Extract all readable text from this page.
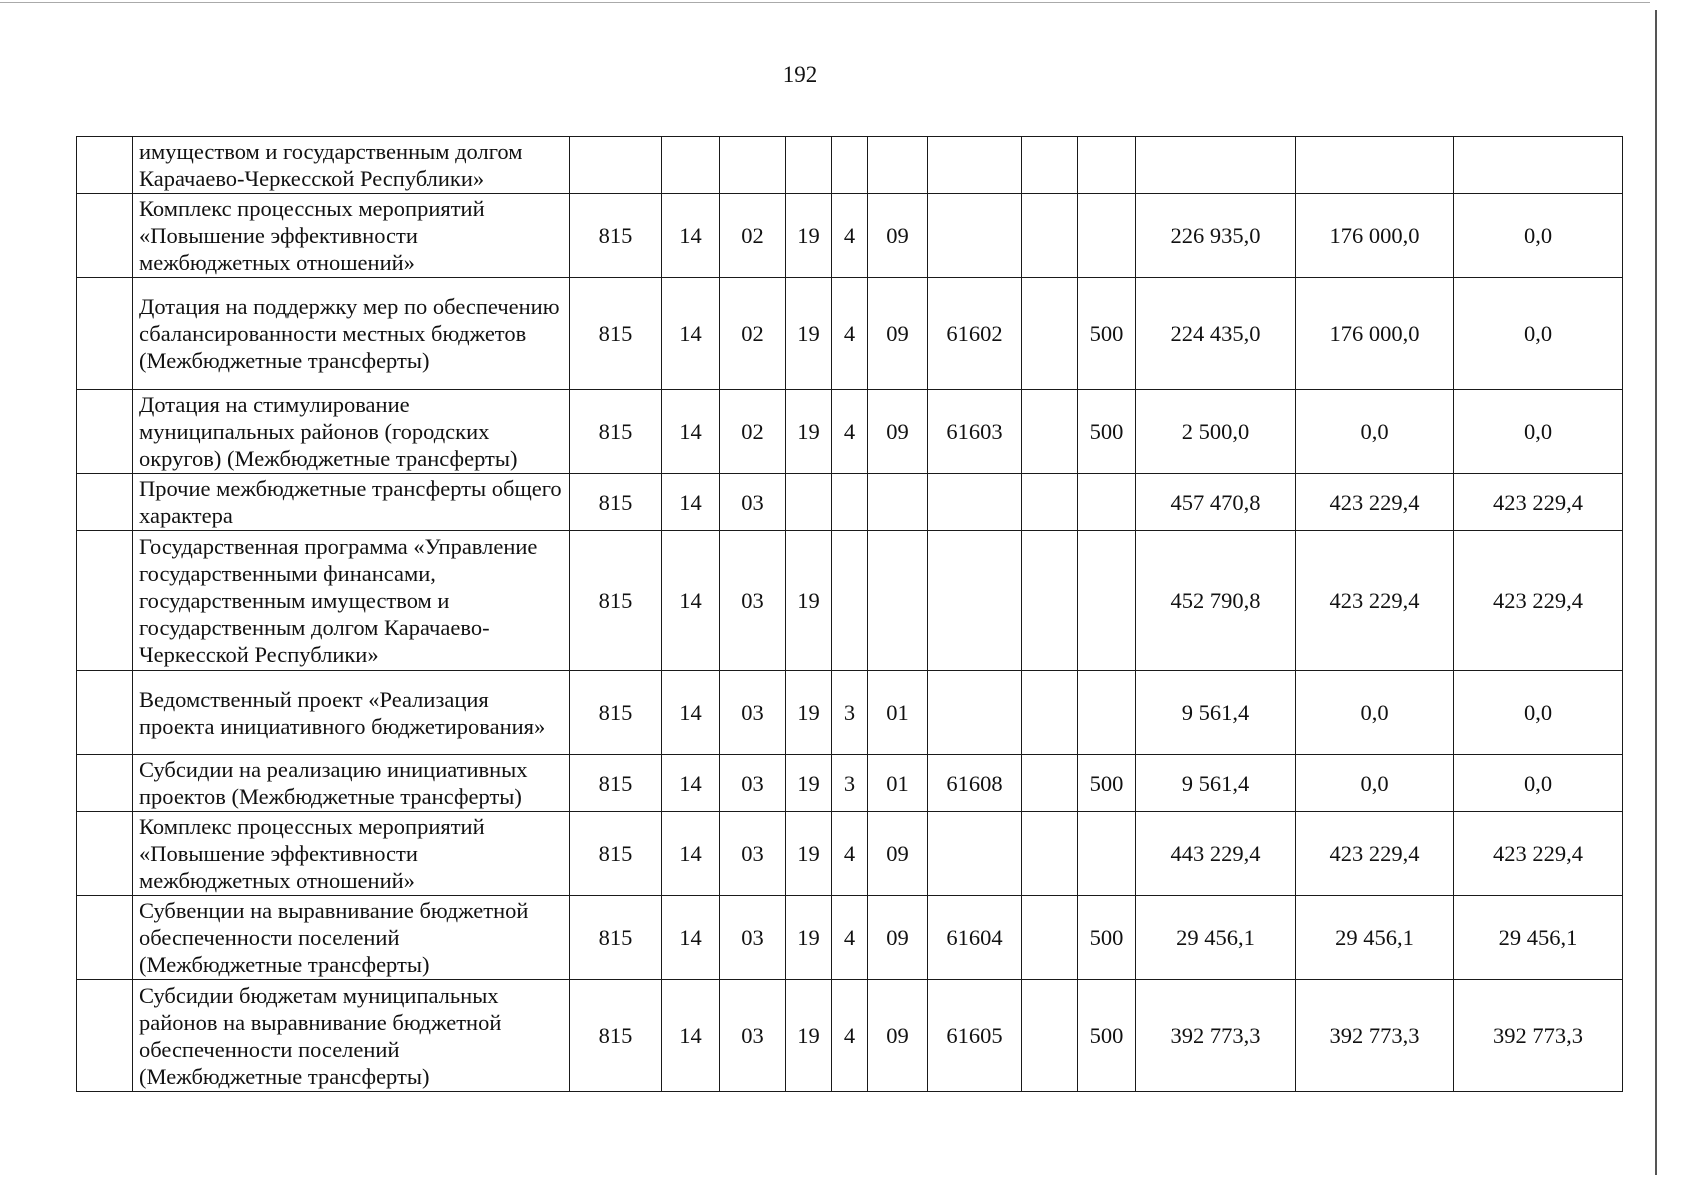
192
	имуществом и государственным долгом Карачаево-Черкесской Республики»												
	Комплекс процессных мероприятий «Повышение эффективности межбюджетных отношений»	815	14	02	19	4	09				226 935,0	176 000,0	0,0
	Дотация на поддержку мер по обеспечению сбалансированности местных бюджетов (Межбюджетные трансферты)	815	14	02	19	4	09	61602		500	224 435,0	176 000,0	0,0
	Дотация на стимулирование муниципальных районов (городских округов) (Межбюджетные трансферты)	815	14	02	19	4	09	61603		500	2 500,0	0,0	0,0
	Прочие межбюджетные трансферты общего характера	815	14	03							457 470,8	423 229,4	423 229,4
	Государственная программа «Управление государственными финансами, государственным имуществом и государственным долгом Карачаево-Черкесской Республики»	815	14	03	19						452 790,8	423 229,4	423 229,4
	Ведомственный проект «Реализация проекта инициативного бюджетирования»	815	14	03	19	3	01				9 561,4	0,0	0,0
	Субсидии на реализацию инициативных проектов (Межбюджетные трансферты)	815	14	03	19	3	01	61608		500	9 561,4	0,0	0,0
	Комплекс процессных мероприятий «Повышение эффективности межбюджетных отношений»	815	14	03	19	4	09				443 229,4	423 229,4	423 229,4
	Субвенции на выравнивание бюджетной обеспеченности поселений (Межбюджетные трансферты)	815	14	03	19	4	09	61604		500	29 456,1	29 456,1	29 456,1
	Субсидии бюджетам муниципальных районов на выравнивание бюджетной обеспеченности поселений (Межбюджетные трансферты)	815	14	03	19	4	09	61605		500	392 773,3	392 773,3	392 773,3
